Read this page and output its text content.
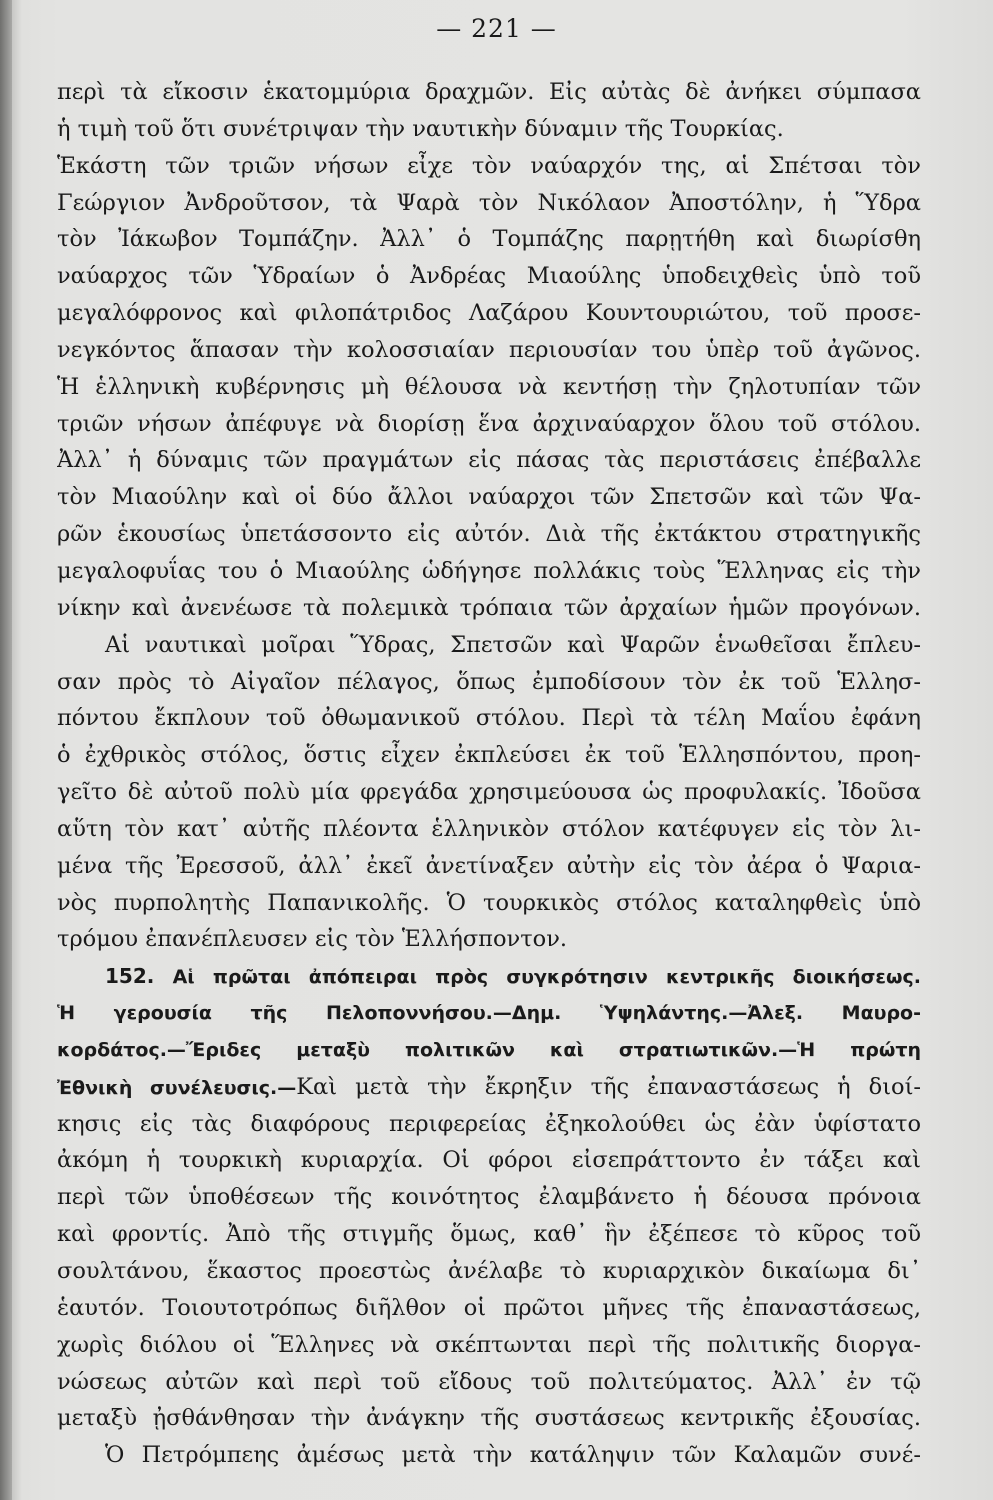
— 221 —
περὶ τὰ εἴκοσιν ἑκατομμύρια δραχμῶν. Εἰς αὐτὰς δὲ ἀνήκει σύμπασα
ἡ τιμὴ τοῦ ὅτι συνέτριψαν τὴν ναυτικὴν δύναμιν τῆς Τουρκίας.
Ἑκάστη τῶν τριῶν νήσων εἶχε τὸν ναύαρχόν της, αἱ Σπέτσαι τὸν
Γεώργιον Ἀνδροῦτσον, τὰ Ψαρὰ τὸν Νικόλαον Ἀποστόλην, ἡ Ὕδρα
τὸν Ἰάκωβον Τομπάζην. Ἀλλ᾿ ὁ Τομπάζης παρῃτήθη καὶ διωρίσθη
ναύαρχος τῶν Ὑδραίων ὁ Ἀνδρέας Μιαούλης ὑποδειχθεὶς ὑπὸ τοῦ
μεγαλόφρονος καὶ φιλοπάτριδος Λαζάρου Κουντουριώτου, τοῦ προσε-
νεγκόντος ἅπασαν τὴν κολοσσιαίαν περιουσίαν του ὑπὲρ τοῦ ἀγῶνος.
Ἡ ἑλληνικὴ κυβέρνησις μὴ θέλουσα νὰ κεντήσῃ τὴν ζηλοτυπίαν τῶν
τριῶν νήσων ἀπέφυγε νὰ διορίσῃ ἕνα ἀρχιναύαρχον ὅλου τοῦ στόλου.
Ἀλλ᾿ ἡ δύναμις τῶν πραγμάτων εἰς πάσας τὰς περιστάσεις ἐπέβαλλε
τὸν Μιαούλην καὶ οἱ δύο ἄλλοι ναύαρχοι τῶν Σπετσῶν καὶ τῶν Ψα-
ρῶν ἑκουσίως ὑπετάσσοντο εἰς αὐτόν. Διὰ τῆς ἐκτάκτου στρατηγικῆς
μεγαλοφυΐας του ὁ Μιαούλης ὡδήγησε πολλάκις τοὺς Ἕλληνας εἰς τὴν
νίκην καὶ ἀνενέωσε τὰ πολεμικὰ τρόπαια τῶν ἀρχαίων ἡμῶν προγόνων.
Αἱ ναυτικαὶ μοῖραι Ὕδρας, Σπετσῶν καὶ Ψαρῶν ἑνωθεῖσαι ἔπλευ-
σαν πρὸς τὸ Αἰγαῖον πέλαγος, ὅπως ἐμποδίσουν τὸν ἐκ τοῦ Ἑλλησ-
πόντου ἔκπλουν τοῦ ὀθωμανικοῦ στόλου. Περὶ τὰ τέλη Μαΐου ἐφάνη
ὁ ἐχθρικὸς στόλος, ὅστις εἶχεν ἐκπλεύσει ἐκ τοῦ Ἑλλησπόντου, προη-
γεῖτο δὲ αὐτοῦ πολὺ μία φρεγάδα χρησιμεύουσα ὡς προφυλακίς. Ἰδοῦσα
αὕτη τὸν κατ᾿ αὐτῆς πλέοντα ἑλληνικὸν στόλον κατέφυγεν εἰς τὸν λι-
μένα τῆς Ἐρεσσοῦ, ἀλλ᾿ ἐκεῖ ἀνετίναξεν αὐτὴν εἰς τὸν ἀέρα ὁ Ψαρια-
νὸς πυρπολητὴς Παπανικολῆς. Ὁ τουρκικὸς στόλος καταληφθεὶς ὑπὸ
τρόμου ἐπανέπλευσεν εἰς τὸν Ἑλλήσποντον.
152. Αἱ πρῶται ἀπόπειραι πρὸς συγκρότησιν κεντρικῆς διοικήσεως.
Ἡ γερουσία τῆς Πελοποννήσου.—Δημ. Ὑψηλάντης.—Ἀλεξ. Μαυρο-
κορδάτος.—Ἔριδες μεταξὺ πολιτικῶν καὶ στρατιωτικῶν.—Ἡ πρώτη
Ἐθνικὴ συνέλευσις.—Καὶ μετὰ τὴν ἔκρηξιν τῆς ἐπαναστάσεως ἡ διοί-
κησις εἰς τὰς διαφόρους περιφερείας ἐξηκολούθει ὡς ἐὰν ὑφίστατο
ἀκόμη ἡ τουρκικὴ κυριαρχία. Οἱ φόροι εἰσεπράττοντο ἐν τάξει καὶ
περὶ τῶν ὑποθέσεων τῆς κοινότητος ἐλαμβάνετο ἡ δέουσα πρόνοια
καὶ φροντίς. Ἀπὸ τῆς στιγμῆς ὅμως, καθ᾿ ἣν ἐξέπεσε τὸ κῦρος τοῦ
σουλτάνου, ἕκαστος προεστὼς ἀνέλαβε τὸ κυριαρχικὸν δικαίωμα δι᾿
ἑαυτόν. Τοιουτοτρόπως διῆλθον οἱ πρῶτοι μῆνες τῆς ἐπαναστάσεως,
χωρὶς διόλου οἱ Ἕλληνες νὰ σκέπτωνται περὶ τῆς πολιτικῆς διοργα-
νώσεως αὐτῶν καὶ περὶ τοῦ εἴδους τοῦ πολιτεύματος. Ἀλλ᾿ ἐν τῷ
μεταξὺ ᾐσθάνθησαν τὴν ἀνάγκην τῆς συστάσεως κεντρικῆς ἐξουσίας.
Ὁ Πετρόμπεης ἀμέσως μετὰ τὴν κατάληψιν τῶν Καλαμῶν συνέ-
